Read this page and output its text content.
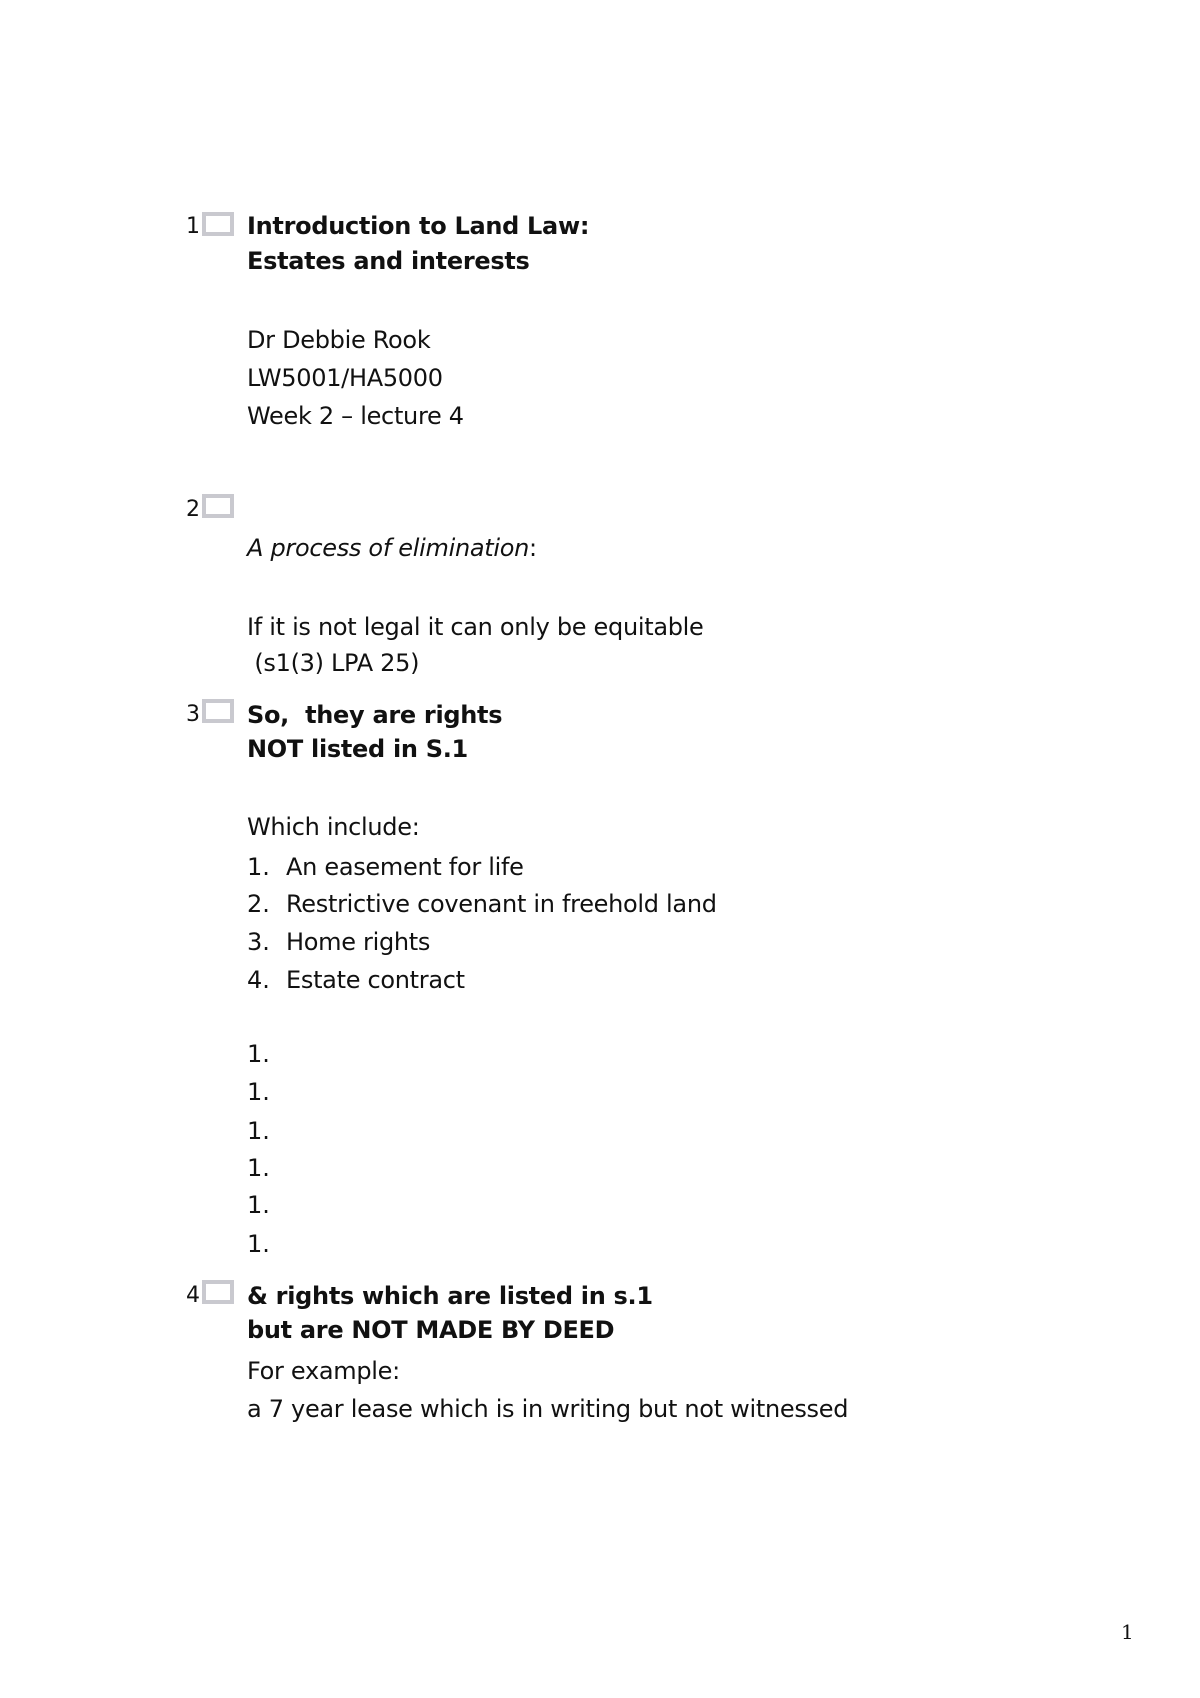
1 Introduction to Land Law:
Estates and interests
Dr Debbie Rook
LW5001/HA5000
Week 2 – lecture 4
2
A process of elimination:
If it is not legal it can only be equitable
(s1(3) LPA 25)
3 So,  they are rights
NOT listed in S.1
Which include:
1. An easement for life
2. Restrictive covenant in freehold land
3. Home rights
4. Estate contract
1.
1.
1.
1.
1.
1.
4 & rights which are listed in s.1
but are NOT MADE BY DEED
For example:
a 7 year lease which is in writing but not witnessed
1
